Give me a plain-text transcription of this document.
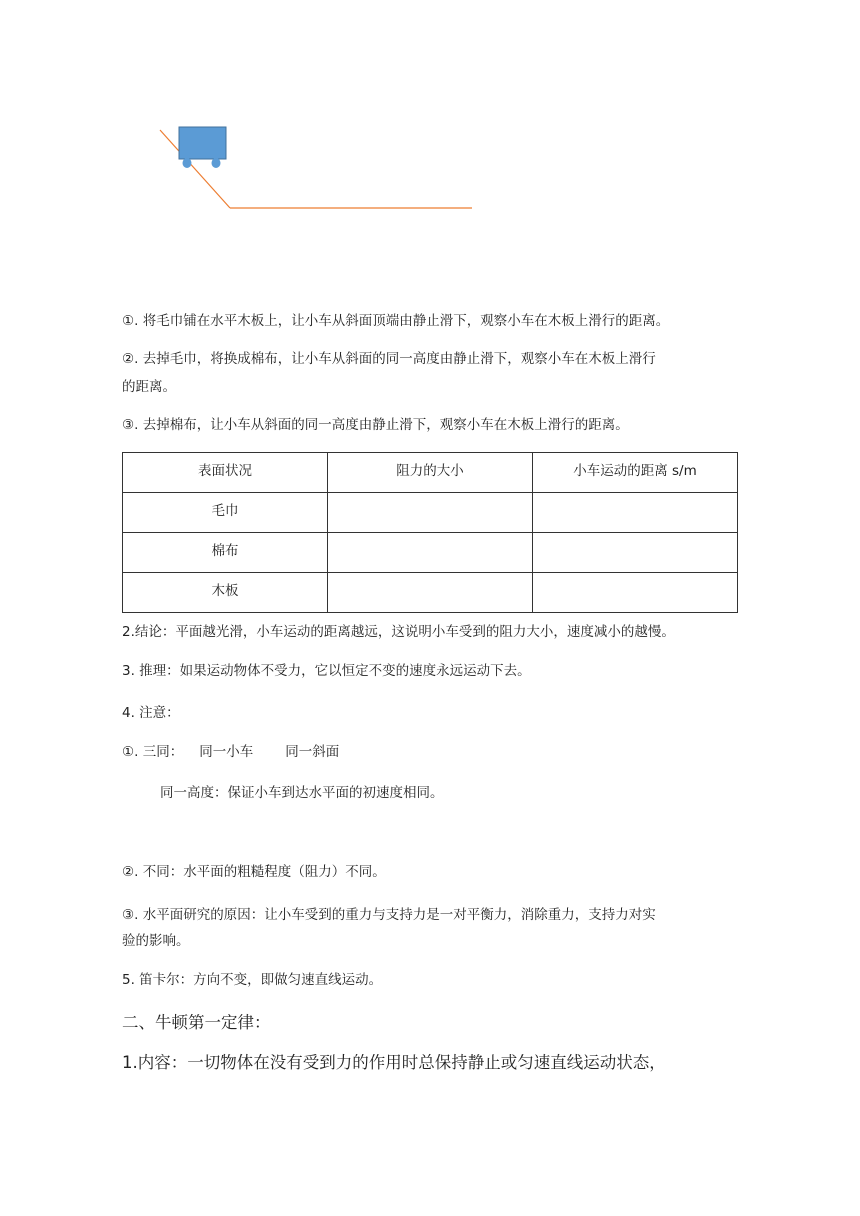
①. 将毛巾铺在水平木板上，让小车从斜面顶端由静止滑下，观察小车在木板上滑行的距离。
②. 去掉毛巾，将换成棉布，让小车从斜面的同一高度由静止滑下，观察小车在木板上滑行
的距离。
③. 去掉棉布，让小车从斜面的同一高度由静止滑下，观察小车在木板上滑行的距离。
表面状况	阻力的大小	小车运动的距离 s/m
毛巾		
棉布		
木板		
2.结论：平面越光滑，小车运动的距离越远，这说明小车受到的阻力大小，速度减小的越慢。
3. 推理：如果运动物体不受力，它以恒定不变的速度永远运动下去。
4. 注意：
①. 三同： 同一小车 同一斜面
同一高度：保证小车到达水平面的初速度相同。
②. 不同：水平面的粗糙程度（阻力）不同。
③. 水平面研究的原因：让小车受到的重力与支持力是一对平衡力，消除重力，支持力对实
验的影响。
5. 笛卡尔：方向不变，即做匀速直线运动。
二、牛顿第一定律：
1.内容：一切物体在没有受到力的作用时总保持静止或匀速直线运动状态，
